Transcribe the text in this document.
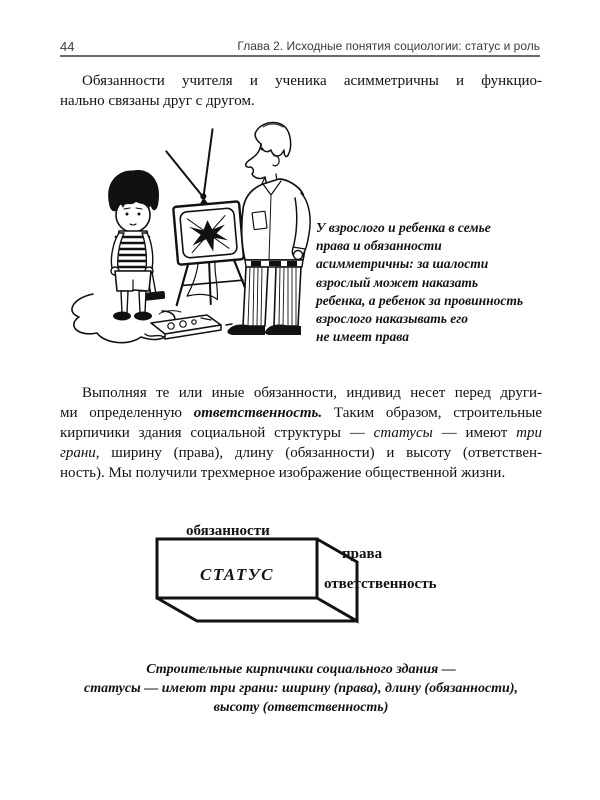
44	Глава 2. Исходные понятия социологии: статус и роль
Обязанности учителя и ученика асимметричны и функцио-
нально связаны друг с другом.
У взрослого и ребенка в семье
права и обязанности
асимметричны: за шалости
взрослый может наказать
ребенка, а ребенок за провинность
взрослого наказывать его
не имеет права
Выполняя те или иные обязанности, индивид несет перед други-
ми определенную ответственность. Таким образом, строительные
кирпичики здания социальной структуры — статусы — имеют три
грани, ширину (права), длину (обязанности) и высоту (ответствен-
ность). Мы получили трехмерное изображение общественной жизни.
обязанности
права
ответственность
СТАТУС
Строительные кирпичики социального здания —
статусы — имеют три грани: ширину (права), длину (обязанности),
высоту (ответственность)
